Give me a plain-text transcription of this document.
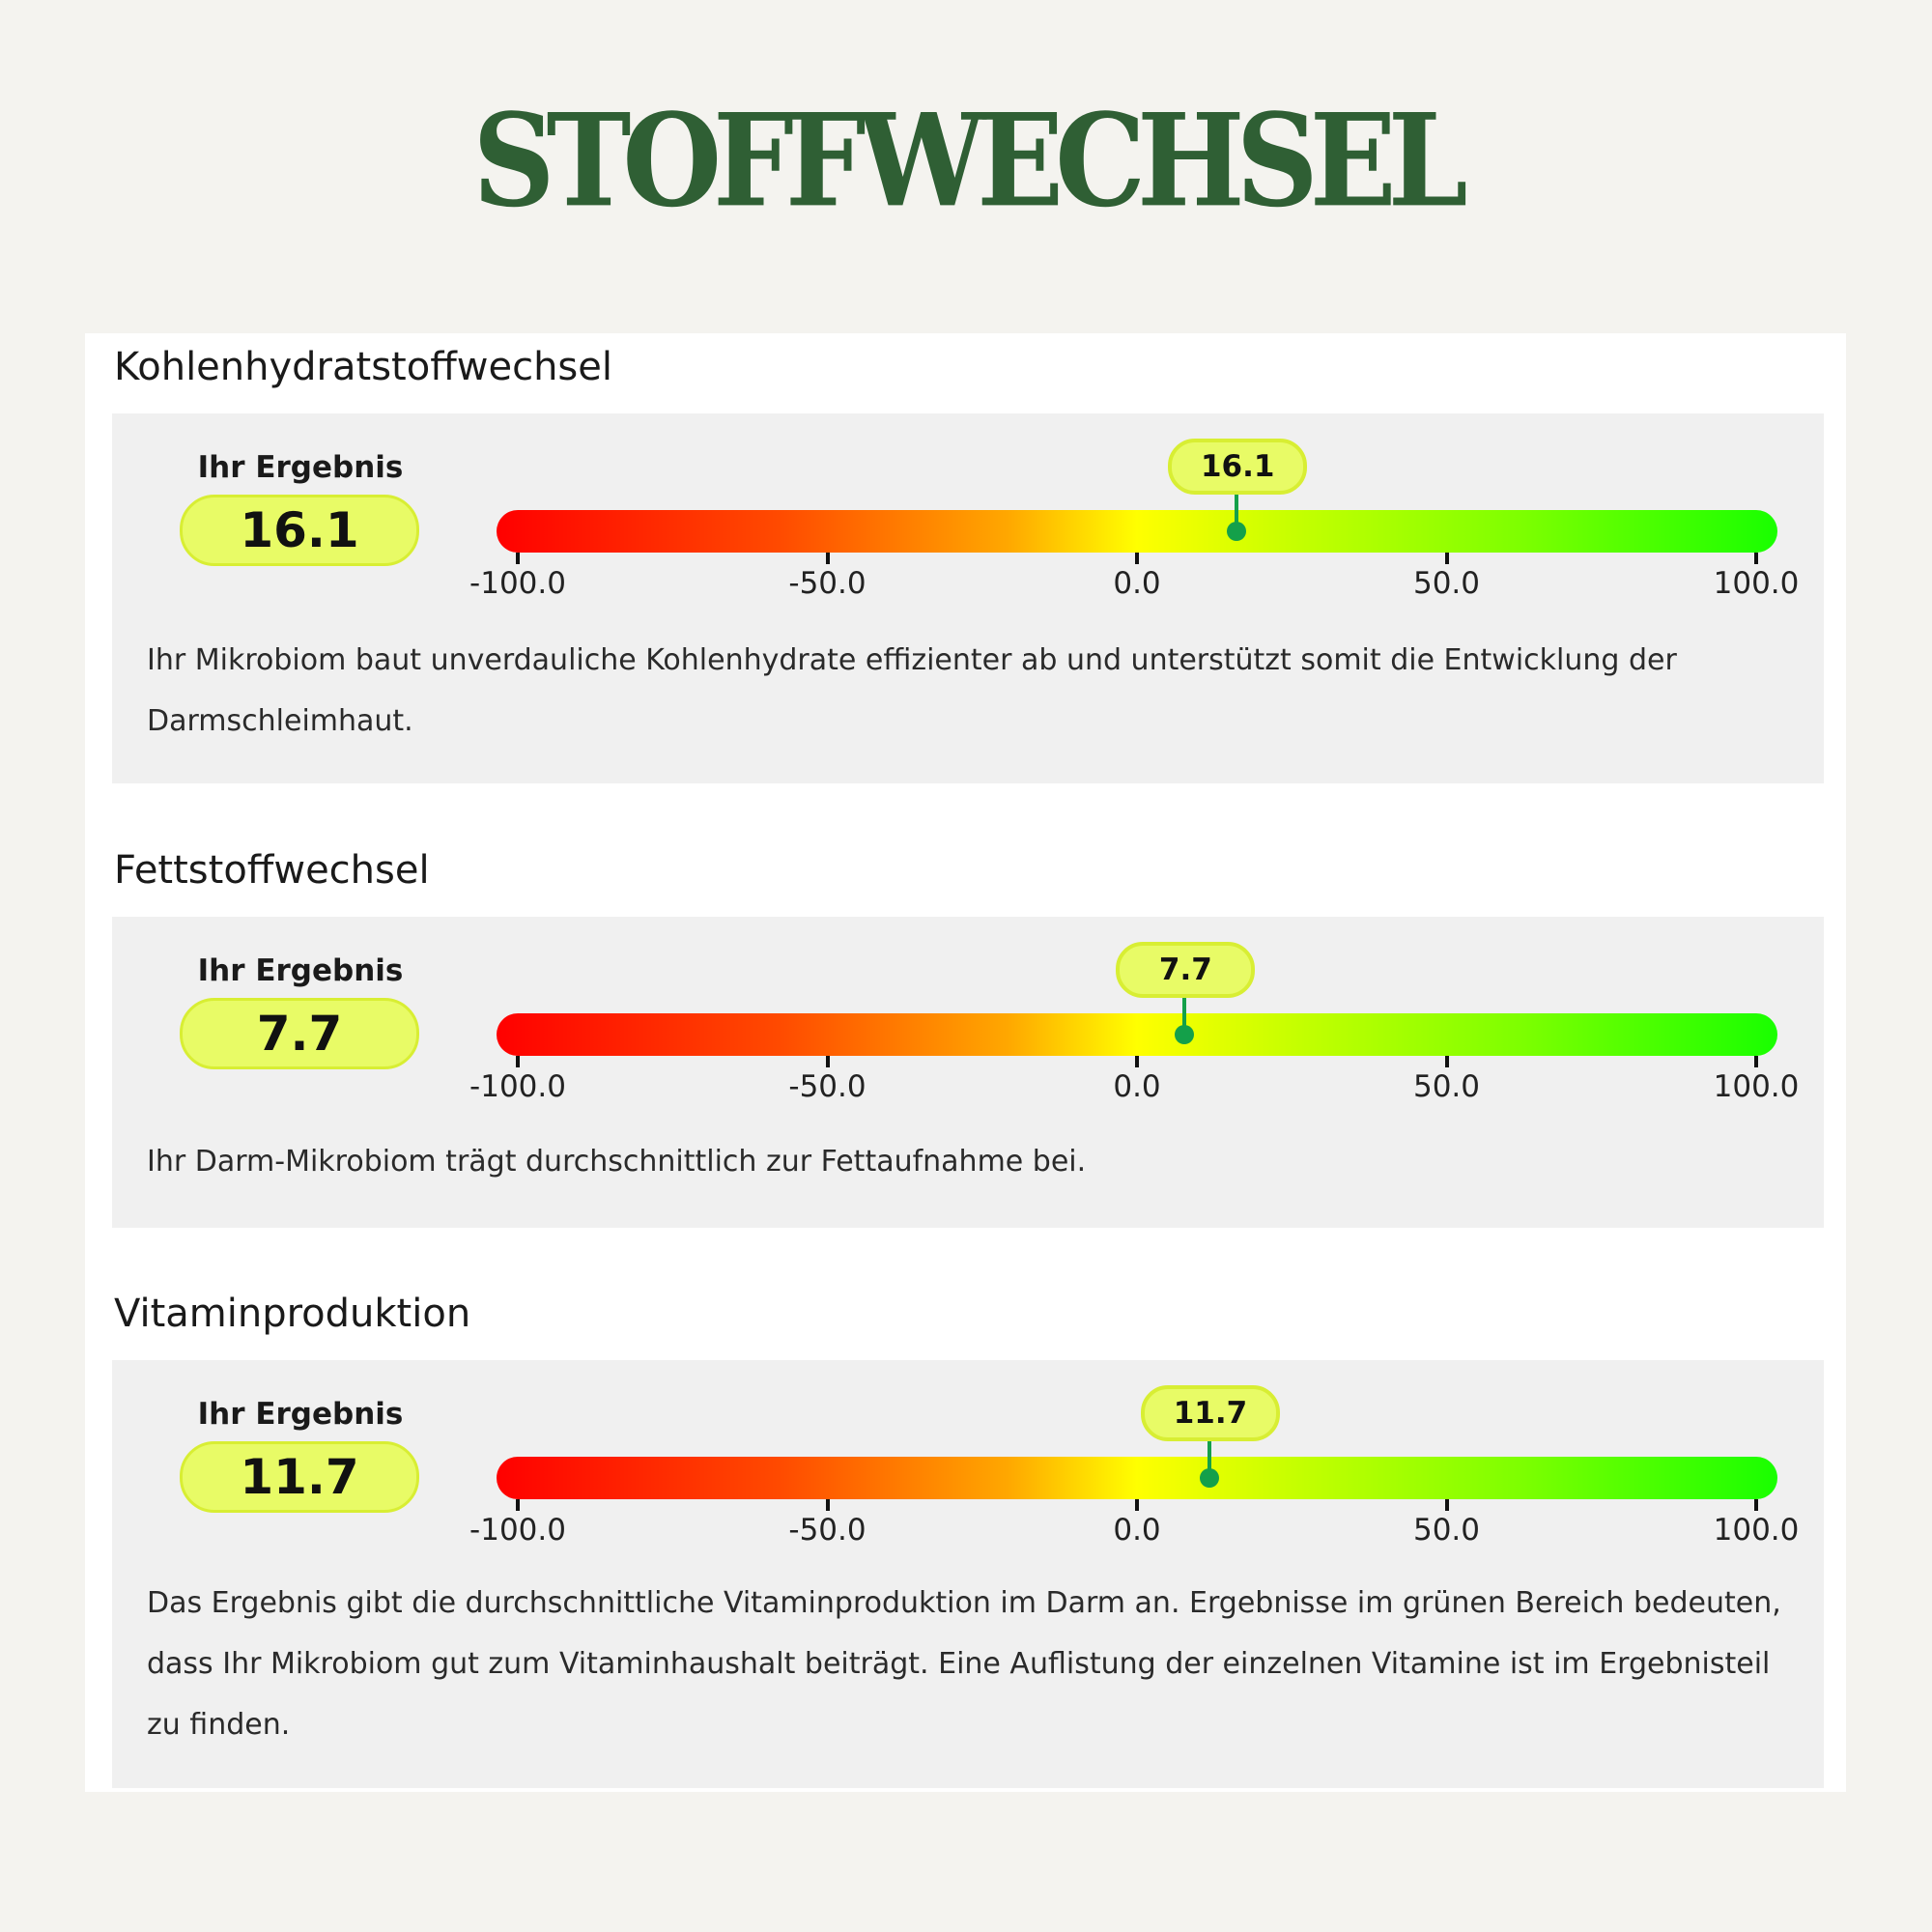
STOFFWECHSEL
Kohlenhydratstoffwechsel
Ihr Ergebnis
16.1
16.1
-100.0	-50.0	0.0	50.0	100.0
Ihr Mikrobiom baut unverdauliche Kohlenhydrate effizienter ab und unterstützt somit die Entwicklung der Darmschleimhaut.
Fettstoffwechsel
Ihr Ergebnis
7.7
7.7
-100.0	-50.0	0.0	50.0	100.0
Ihr Darm-Mikrobiom trägt durchschnittlich zur Fettaufnahme bei.
Vitaminproduktion
Ihr Ergebnis
11.7
11.7
-100.0	-50.0	0.0	50.0	100.0
Das Ergebnis gibt die durchschnittliche Vitaminproduktion im Darm an. Ergebnisse im grünen Bereich bedeuten, dass Ihr Mikrobiom gut zum Vitaminhaushalt beiträgt. Eine Auflistung der einzelnen Vitamine ist im Ergebnisteil zu finden.
